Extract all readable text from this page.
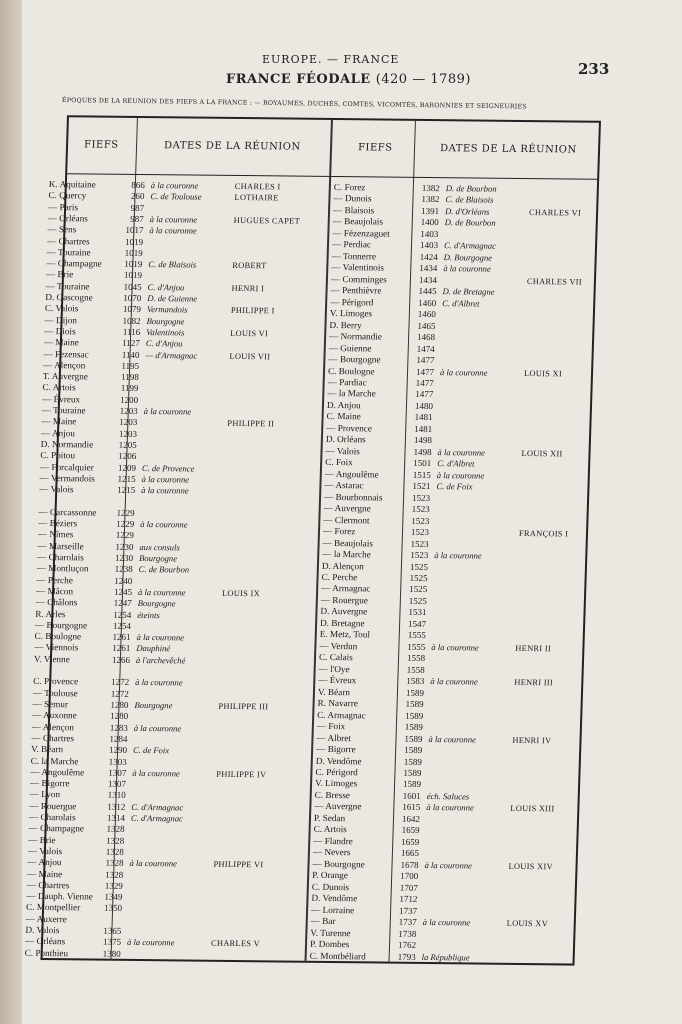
EUROPE. — FRANCE
233
FRANCE FÉODALE (420 — 1789)
ÉPOQUES DE LA RÉUNION DES FIEFS A LA FRANCE : — ROYAUMES, DUCHÉS, COMTES, VICOMTÉS, BARONNIES ET SEIGNEURIES
FIEFS	DATES DE LA RÉUNION	FIEFS	DATES DE LA RÉUNION
K. Aquitaine	866 à la couronne	CHARLES I
C. Quercy	260 C. de Toulouse	LOTHAIRE
— Paris	987
— Orléans	987 à la couronne	HUGUES CAPET
— Sens	1017 à la couronne
— Chartres	1019
— Touraine	1019
— Champagne	1019 C. de Blaisois	ROBERT
— Brie	1019
— Touraine	1045 C. d'Anjou	HENRI I
D. Gascogne	1070 D. de Guienne
C. Valois	1079 Vermandois	PHILIPPE I
— Dijon	1082 Bourgogne
— Diois	1116 Valentinois	LOUIS VI
— Maine	1127 C. d'Anjou
— Fezensac	1140 — d'Armagnac	LOUIS VII
— Alençon	1195
T. Auvergne	1198
C. Artois	1199
— Évreux	1200
— Touraine	1203 à la couronne
— Maine	1203	PHILIPPE II
— Anjou	1203
D. Normandie	1205
C. Poitou	1206
— Forcalquier	1209 C. de Provence
— Vermandois	1215 à la couronne
— Valois	1215 à la couronne
— Carcassonne	1229
— Béziers	1229 à la couronne
— Nîmes	1229
— Marseille	1230 aux consuls
— Charolais	1230 Bourgogne
— Montluçon	1238 C. de Bourbon
— Perche	1240
— Mâcon	1245 à la couronne	LOUIS IX
— Châlons	1247 Bourgogne
R. Arles	1254 éteints
— Bourgogne	1254
C. Boulogne	1261 à la couronne
— Viennois	1261 Dauphiné
V. Vienne	1266 à l'archevêché
C. Provence	1272 à la couronne
— Toulouse	1272
— Semur	1280 Bourgogne	PHILIPPE III
— Auxonne	1280
— Alençon	1283 à la couronne
— Chartres	1284
V. Béarn	1290 C. de Foix
C. la Marche	1303
— Angoulême	1307 à la couronne	PHILIPPE IV
— Bigorre	1307
— Lyon	1310
— Rouergue	1312 C. d'Armagnac
— Charolais	1314 C. d'Armagnac
— Champagne	1328
— Brie	1328
— Valois	1328
— Anjou	1328 à la couronne	PHILIPPE VI
— Maine	1328
— Chartres	1329
— Dauph. Vienne	1349
C. Montpellier	1350
— Auxerre
D. Valois	1365
— Orléans	1375 à la couronne	CHARLES V
C. Ponthieu	1380
C. Forez	1382 D. de Bourbon
— Dunois	1382 C. de Blaisois
— Blaisois	1391 D. d'Orléans	CHARLES VI
— Beaujolais	1400 D. de Bourbon
— Fézenzaguet	1403
— Perdiac	1403 C. d'Armagnac
— Tonnerre	1424 D. Bourgogne
— Valentinois	1434 à la couronne
— Comminges	1434	CHARLES VII
— Penthièvre	1445 D. de Bretagne
— Périgord	1460 C. d'Albret
V. Limoges	1460
D. Berry	1465
— Normandie	1468
— Guienne	1474
— Bourgogne	1477
C. Boulogne	1477 à la couronne	LOUIS XI
— Pardiac	1477
— la Marche	1477
D. Anjou	1480
C. Maine	1481
— Provence	1481
D. Orléans	1498
— Valois	1498 à la couronne	LOUIS XII
C. Foix	1501 C. d'Albret
— Angoulême	1515 à la couronne
— Astarac	1521 C. de Foix
— Bourbonnais	1523
— Auvergne	1523
— Clermont	1523
— Forez	1523	FRANÇOIS I
— Beaujolais	1523
— la Marche	1523 à la couronne
D. Alençon	1525
C. Perche	1525
— Armagnac	1525
— Rouergue	1525
D. Auvergne	1531
D. Bretagne	1547
E. Metz, Toul	1555
— Verdun	1555 à la couronne	HENRI II
C. Calais	1558
— l'Oye	1558
— Évreux	1583 à la couronne	HENRI III
V. Béarn	1589
R. Navarre	1589
C. Armagnac	1589
— Foix	1589
— Albret	1589 à la couronne	HENRI IV
— Bigorre	1589
D. Vendôme	1589
C. Périgord	1589
V. Limoges	1589
C. Bresse	1601 éch. Saluces
— Auvergne	1615 à la couronne	LOUIS XIII
P. Sedan	1642
C. Artois	1659
— Flandre	1659
— Nevers	1665
— Bourgogne	1678 à la couronne	LOUIS XIV
P. Orange	1700
C. Dunois	1707
D. Vendôme	1712
— Lorraine	1737
— Bar	1737 à la couronne	LOUIS XV
V. Turenne	1738
P. Dombes	1762
C. Montbéliard	1793 la République
